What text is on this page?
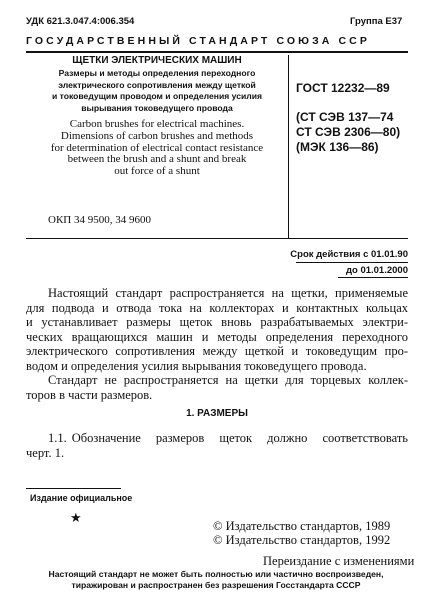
УДК 621.3.047.4:006.354	Группа Е37
ГОСУДАРСТВЕННЫЙ СТАНДАРТ СОЮЗА ССР
ЩЕТКИ ЭЛЕКТРИЧЕСКИХ МАШИН
Размеры и методы определения переходного
электрического сопротивления между щеткой
и токоведущим проводом и определения усилия
вырывания токоведущего провода
Carbon brushes for electrical machines.
Dimensions of carbon brushes and methods
for determination of electrical contact resistance
between the brush and a shunt and break
out force of a shunt
ОКП 34 9500, 34 9600
ГОСТ 12232—89
(СТ СЭВ 137—74
СТ СЭВ 2306—80)
(МЭК 136—86)
Срок действия с 01.01.90
до 01.01.2000
Настоящий стандарт распространяется на щетки, применяемые
для подвода и отвода тока на коллекторах и контактных кольцах
и устанавливает размеры щеток вновь разрабатываемых электри-
ческих вращающихся машин и методы определения переходного
электрического сопротивления между щеткой и токоведущим про-
водом и определения усилия вырывания токоведущего провода.
Стандарт не распространяется на щетки для торцевых коллек-
торов в части размеров.
1. РАЗМЕРЫ
1.1. Обозначение   размеров   щеток   должно   соответствовать
черт. 1.
Издание официальное
★
© Издательство стандартов, 1989
© Издательство стандартов, 1992
Переиздание с изменениями
Настоящий стандарт не может быть полностью или частично воспроизведен,
тиражирован и распространен без разрешения Госстандарта СССР
